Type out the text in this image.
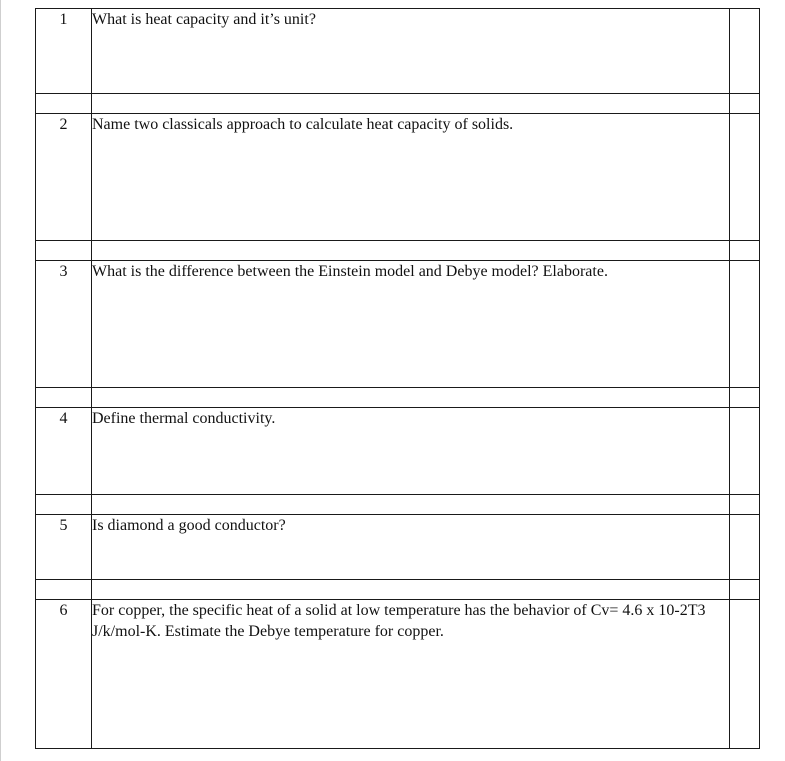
1	What is heat capacity and it’s unit?	

2	Name two classicals approach to calculate heat capacity of solids.	

3	What is the difference between the Einstein model and Debye model? Elaborate.	

4	Define thermal conductivity.	

5	Is diamond a good conductor?	

6	For copper, the specific heat of a solid at low temperature has the behavior of Cv= 4.6 x 10-2T3 J/k/mol-K. Estimate the Debye temperature for copper.	
